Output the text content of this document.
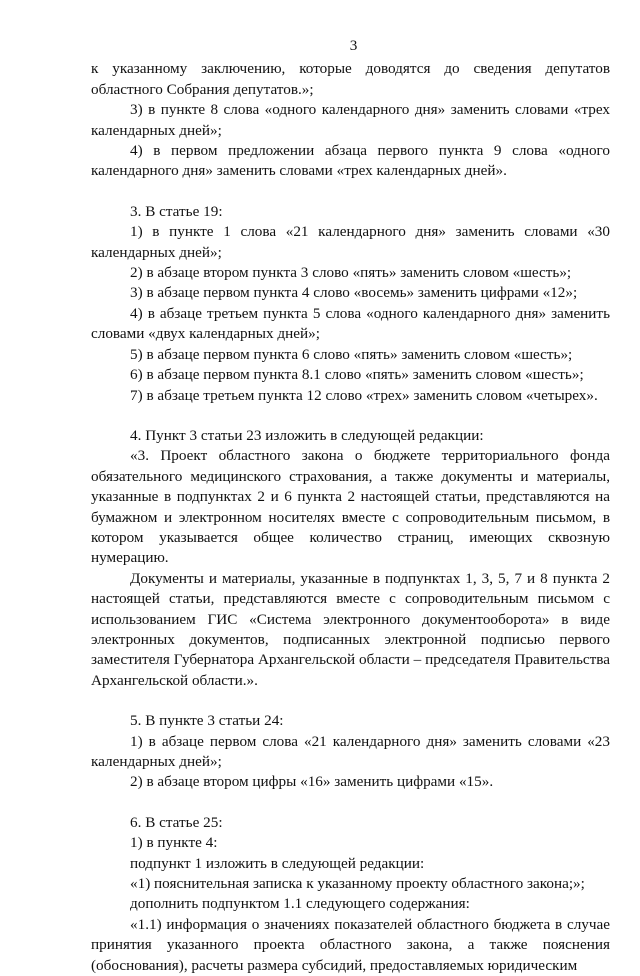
3

к указанному заключению, которые доводятся до сведения депутатов областного Собрания депутатов.»;

3) в пункте 8 слова «одного календарного дня» заменить словами «трех календарных дней»;

4) в первом предложении абзаца первого пункта 9 слова «одного календарного дня» заменить словами «трех календарных дней».

3. В статье 19:

1) в пункте 1 слова «21 календарного дня» заменить словами «30 календарных дней»;

2) в абзаце втором пункта 3 слово «пять» заменить словом «шесть»;

3) в абзаце первом пункта 4 слово «восемь» заменить цифрами «12»;

4) в абзаце третьем пункта 5 слова «одного календарного дня» заменить словами «двух календарных дней»;

5) в абзаце первом пункта 6 слово «пять» заменить словом «шесть»;

6) в абзаце первом пункта 8.1 слово «пять» заменить словом «шесть»;

7) в абзаце третьем пункта 12 слово «трех» заменить словом «четырех».

4. Пункт 3 статьи 23 изложить в следующей редакции:

«3. Проект областного закона о бюджете территориального фонда обязательного медицинского страхования, а также документы и материалы, указанные в подпунктах 2 и 6 пункта 2 настоящей статьи, представляются на бумажном и электронном носителях вместе с сопроводительным письмом, в котором указывается общее количество страниц, имеющих сквозную нумерацию.

Документы и материалы, указанные в подпунктах 1, 3, 5, 7 и 8 пункта 2 настоящей статьи, представляются вместе с сопроводительным письмом с использованием ГИС «Система электронного документооборота» в виде электронных документов, подписанных электронной подписью первого заместителя Губернатора Архангельской области – председателя Правительства Архангельской области.».

5. В пункте 3 статьи 24:

1) в абзаце первом слова «21 календарного дня» заменить словами «23 календарных дней»;

2) в абзаце втором цифры «16» заменить цифрами «15».

6. В статье 25:

1) в пункте 4:

подпункт 1 изложить в следующей редакции:

«1) пояснительная записка к указанному проекту областного закона;»;

дополнить подпунктом 1.1 следующего содержания:

«1.1) информация о значениях показателей областного бюджета в случае принятия указанного проекта областного закона, а также пояснения (обоснования), расчеты размера субсидий, предоставляемых юридическим
